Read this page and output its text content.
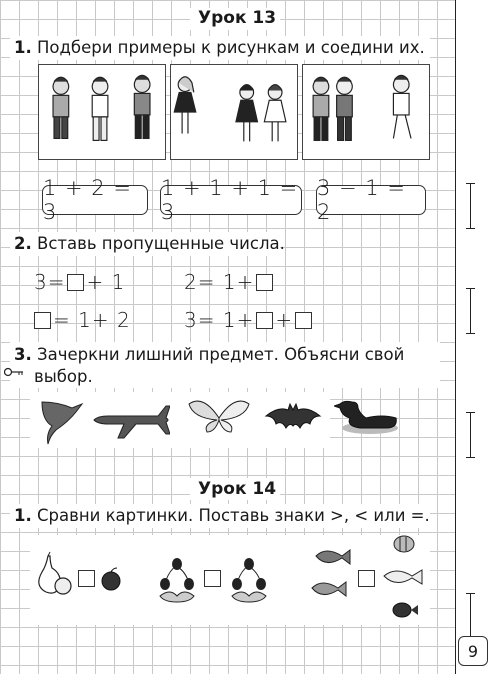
Урок 13
1. Подбери примеры к рисункам и соедини их.
1 + 2 = 3
1 + 1 + 1 = 3
3 − 1 = 2
2. Вставь пропущенные числа.
3= + 1	2= 1+
= 1+ 2	3= 1+ +
3. Зачеркни лишний предмет. Объясни свой
выбор.
Урок 14
1. Сравни картинки. Поставь знаки >, < или =.
9
